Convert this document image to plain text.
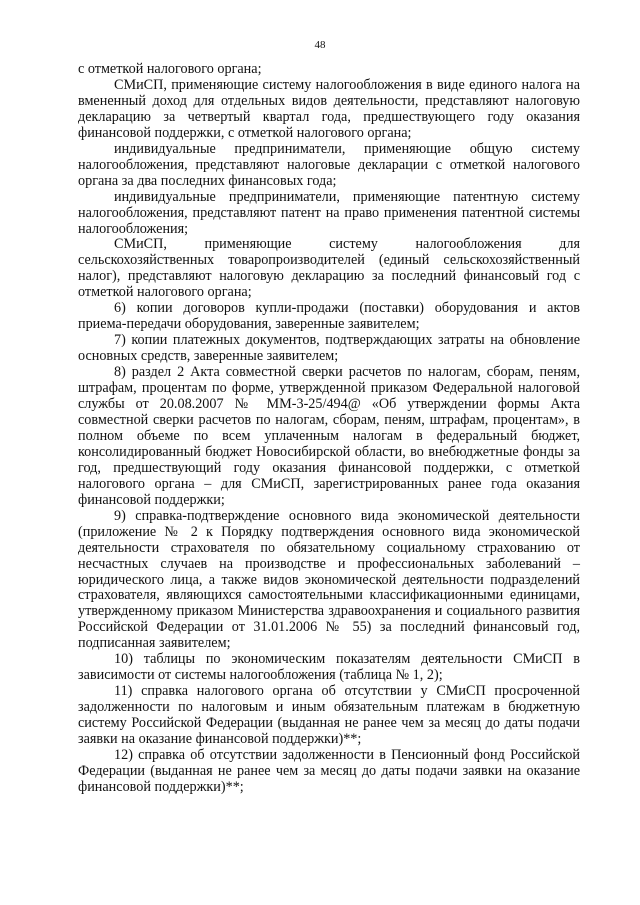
48

с отметкой налогового органа;

СМиСП, применяющие систему налогообложения в виде единого налога на вмененный доход для отдельных видов деятельности, представляют налоговую декларацию за четвертый квартал года, предшествующего году оказания финансовой поддержки, с отметкой налогового органа;

индивидуальные предприниматели, применяющие общую систему налогообложения, представляют налоговые декларации с отметкой налогового органа за два последних финансовых года;

индивидуальные предприниматели, применяющие патентную систему налогообложения, представляют патент на право применения патентной системы налогообложения;

СМиСП, применяющие систему налогообложения для сельскохозяйственных товаропроизводителей (единый сельскохозяйственный налог), представляют налоговую декларацию за последний финансовый год с отметкой налогового органа;

6) копии договоров купли-продажи (поставки) оборудования и актов приема-передачи оборудования, заверенные заявителем;

7) копии платежных документов, подтверждающих затраты на обновление основных средств, заверенные заявителем;

8) раздел 2 Акта совместной сверки расчетов по налогам, сборам, пеням, штрафам, процентам по форме, утвержденной приказом Федеральной налоговой службы от 20.08.2007 № ММ-3-25/494@ «Об утверждении формы Акта совместной сверки расчетов по налогам, сборам, пеням, штрафам, процентам», в полном объеме по всем уплаченным налогам в федеральный бюджет, консолидированный бюджет Новосибирской области, во внебюджетные фонды за год, предшествующий году оказания финансовой поддержки, с отметкой налогового органа – для СМиСП, зарегистрированных ранее года оказания финансовой поддержки;

9) справка-подтверждение основного вида экономической деятельности (приложение № 2 к Порядку подтверждения основного вида экономической деятельности страхователя по обязательному социальному страхованию от несчастных случаев на производстве и профессиональных заболеваний – юридического лица, а также видов экономической деятельности подразделений страхователя, являющихся самостоятельными классификационными единицами, утвержденному приказом Министерства здравоохранения и социального развития Российской Федерации от 31.01.2006 № 55) за последний финансовый год, подписанная заявителем;

10) таблицы по экономическим показателям деятельности СМиСП в зависимости от системы налогообложения (таблица № 1, 2);

11) справка налогового органа об отсутствии у СМиСП просроченной задолженности по налоговым и иным обязательным платежам в бюджетную систему Российской Федерации (выданная не ранее чем за месяц до даты подачи заявки на оказание финансовой поддержки)**;

12) справка об отсутствии задолженности в Пенсионный фонд Российской Федерации (выданная не ранее чем за месяц до даты подачи заявки на оказание финансовой поддержки)**;
